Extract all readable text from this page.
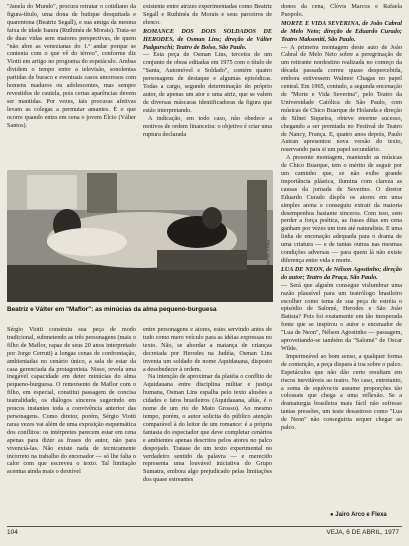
"Janela do Mundo", procura retratar o cotidiano da figura-título, uma dona de butique desquitada e quarentona (Beatriz Segall), e sua amiga da mesma faixa de idade Isaura (Ruthinéa de Morais). Trata-se de duas vidas sem maiores perspectivas, de quem "não abre as venezianas do 1.º andar porque se contenta com o que vê do térreo", conforme diz Viotti em artigo no programa do espetáculo. Ambas dividem o tempo entre a televisão, sonolentas partidas de buraco e eventuais casos amorosos com homens maduros ou adolescentes, mas sempre revestidos de cautela, pois certas aparências devem ser mantidas. Por vezes, tais procuras afetivas levam as colegas a permutar amantes. É o que ocorre quando entra em cena o jovem Élcio (Válter Santos).

existente entre atrizes experimentadas como Beatriz Segall e Ruthinéa de Morais e seus parceiros de elenco.

ROMANCE DOS DOIS SOLDADOS DE HERODES, de Osman Lins; direção de Válter Padgurschi; Teatro de Bolso, São Paulo.

— Esta peça de Osman Lins, terceira de um conjunto de obras editadas em 1975 com o título de "Santa, Automóvel e Soldado", contém quatro personagens de destaque e algumas episódicas. Todas a cargo, segundo determinação do próprio autor, de apenas um ator e uma atriz, que se valem de diversas máscaras identificadoras da figura que estão interpretando.

A indicação, em todo caso, não obedece a motivos de ordem financeira: o objetivo é criar uma ruptura declarada

donos da cena, Clóvis Marcos e Rafaela Puopolo.

MORTE E VIDA SEVERINA, de João Cabral de Melo Neto; direção de Eduardo Curado; Teatro Maksoniti, São Paulo.

— A primeira montagem deste auto de João Cabral de Melo Neto sobre a peregrinação de um retirante nordestino realizada no começo da década passada correu quase despercebida, embora estivessem Walmor Chagas no papel central. Em 1965, contudo, a segunda encenação de "Morte e Vida Severina", pelo Teatro da Universidade Católica de São Paulo, com músicas de Chico Buarque de Holanda e direção de Silnei Siqueira, obteve enorme sucesso, chegando a ser premiada no Festival de Teatro de Nancy, França. E, quatro anos depois, Paulo Autran apresentou nova versão do texto, reservando para si um papel secundário.

A presente montagem, mantendo as músicas de Chico Buarque, tem o mérito de seguir por um caminho que, se não exibe grande importância plástica, ilumina com clareza as causas da jornada de Severino. O diretor Eduardo Curado dispôs os atores em uma simples arena e conseguiu extrair da maioria desempenhos bastante sinceros. Com isso, sem perder a força poética, as frases ditas em cena ganham por vezes um tom até naturalista. E uma linha de encenação adequada para o drama de uma criatura — e de tantas outras nas mesmas condições adversas — para quem lá não existe diferença entre vida e morte.

LUA DE NEON, de Nélson Agostinho; direção do autor; Teatro da Praça, São Paulo.

— Será que alguém consegue vislumbrar uma razão plausível para um teatrólogo brasileiro escolher como tema de sua peça de estréia o episódio de Salomé, Herodes e São João Batista? Pois foi exatamente em tão inesperada fonte que se inspirou o autor e encenador de "Lua de Neon", Nélson Agostinho — passagem, aproveitando-se também da "Salomé" de Oscar Wilde.

Impermeável ao bom senso, a qualquer forma de contenção, a peça dispara à toa sobre o palco. Espetáculos que não dão certo resultam em riscos inevitáveis ao teatro. No caso, entretanto, a soma de equívocos assume proporções tão colossais que chega a uma reflexão. Se a dramaturgia brasileira mais fácil não sofresse tantas pressões, um teste desastroso como "Lua de Neon" não conseguiria sequer chegar ao palco.

PAULO SALOMÃO
Beatriz e Válter em "Maflor": as minúcias da alma pequeno-burguesa

Sérgio Viotti construiu sua peça de modo tradicional, submetendo as três personagens (mais o filho de Maflor, rapaz de seus 20 anos interpretado por Jorge Cerruti) a longas cenas de confrontação, ambientadas no cenário único, a sala de estar da casa gerenciada da protagonista. Nisso, revela uma inegável capacidade em deter minúcias do alma pequeno-burguesa. O remorsento de Maflor com o filho, em especial, constitui passagem de concisa teatralidade, os diálogos sinceros sugerindo em poucos instantes toda a convivência anterior das personagens. Como diretor, porém, Sérgio Viotti raras vezes vai além de uma exposição esquemática dos conflitos: os intérpretes parecem estar em cena apenas para dizer as frases do autor, não para vivenciá-las. Não existe nada de tecnicamente incorreto na trabalho do encenador — só lhe falta o calor com que escreveu o texto. Tal limitação acentua ainda mais o desnível

entre personagens e atores, estes servindo antes de tudo como mero veículo para as idéias expressas no texto. Não, se abordar a matança de crianças decretada por Herodes na Judéia, Osman Lins inventa um soldado de nome Aquidauana, disposto a desobedecer à ordem.

Na intenção de aproximar da platéia o conflito de Aquidauana entre disciplina militar e justiça humana, Osman Lins espalha pelo texto alusões a cidades e fatos brasileiros (Aquidauana, aliás, é o nome de um rio de Mato Grosso). Ao mesmo tempo, porém, o autor solicita do público atenção comparável à do leitor de um romance: é a própria fantasia do espectador que deve completar cenários e ambientes apenas descritos pelos atores no palco despojado. Tratase de um texto experimental no verdadeiro sentido da palavra — e merecido representa uma louvável iniciativa do Grupo Sumatra, embora algo prejudicado pelas limitações dos quase estreantes

● Jairo Arco e Flexa
104	VEJA, 6 DE ABRIL, 1977
